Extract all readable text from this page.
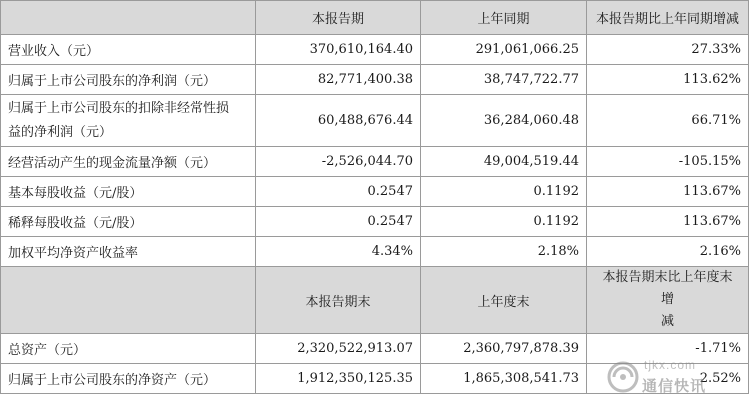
	本报告期	上年同期	本报告期比上年同期增减
营业收入（元）	370,610,164.40	291,061,066.25	27.33%
归属于上市公司股东的净利润（元）	82,771,400.38	38,747,722.77	113.62%
归属于上市公司股东的扣除非经常性损
益的净利润（元）	60,488,676.44	36,284,060.48	66.71%
经营活动产生的现金流量净额（元）	-2,526,044.70	49,004,519.44	-105.15%
基本每股收益（元/股）	0.2547	0.1192	113.67%
稀释每股收益（元/股）	0.2547	0.1192	113.67%
加权平均净资产收益率	4.34%	2.18%	2.16%
	本报告期末	上年度末	本报告期末比上年度末增
减
总资产（元）	2,320,522,913.07	2,360,797,878.39	-1.71%
归属于上市公司股东的净资产（元）	1,912,350,125.35	1,865,308,541.73	2.52%
tjkx.com
通信快讯
